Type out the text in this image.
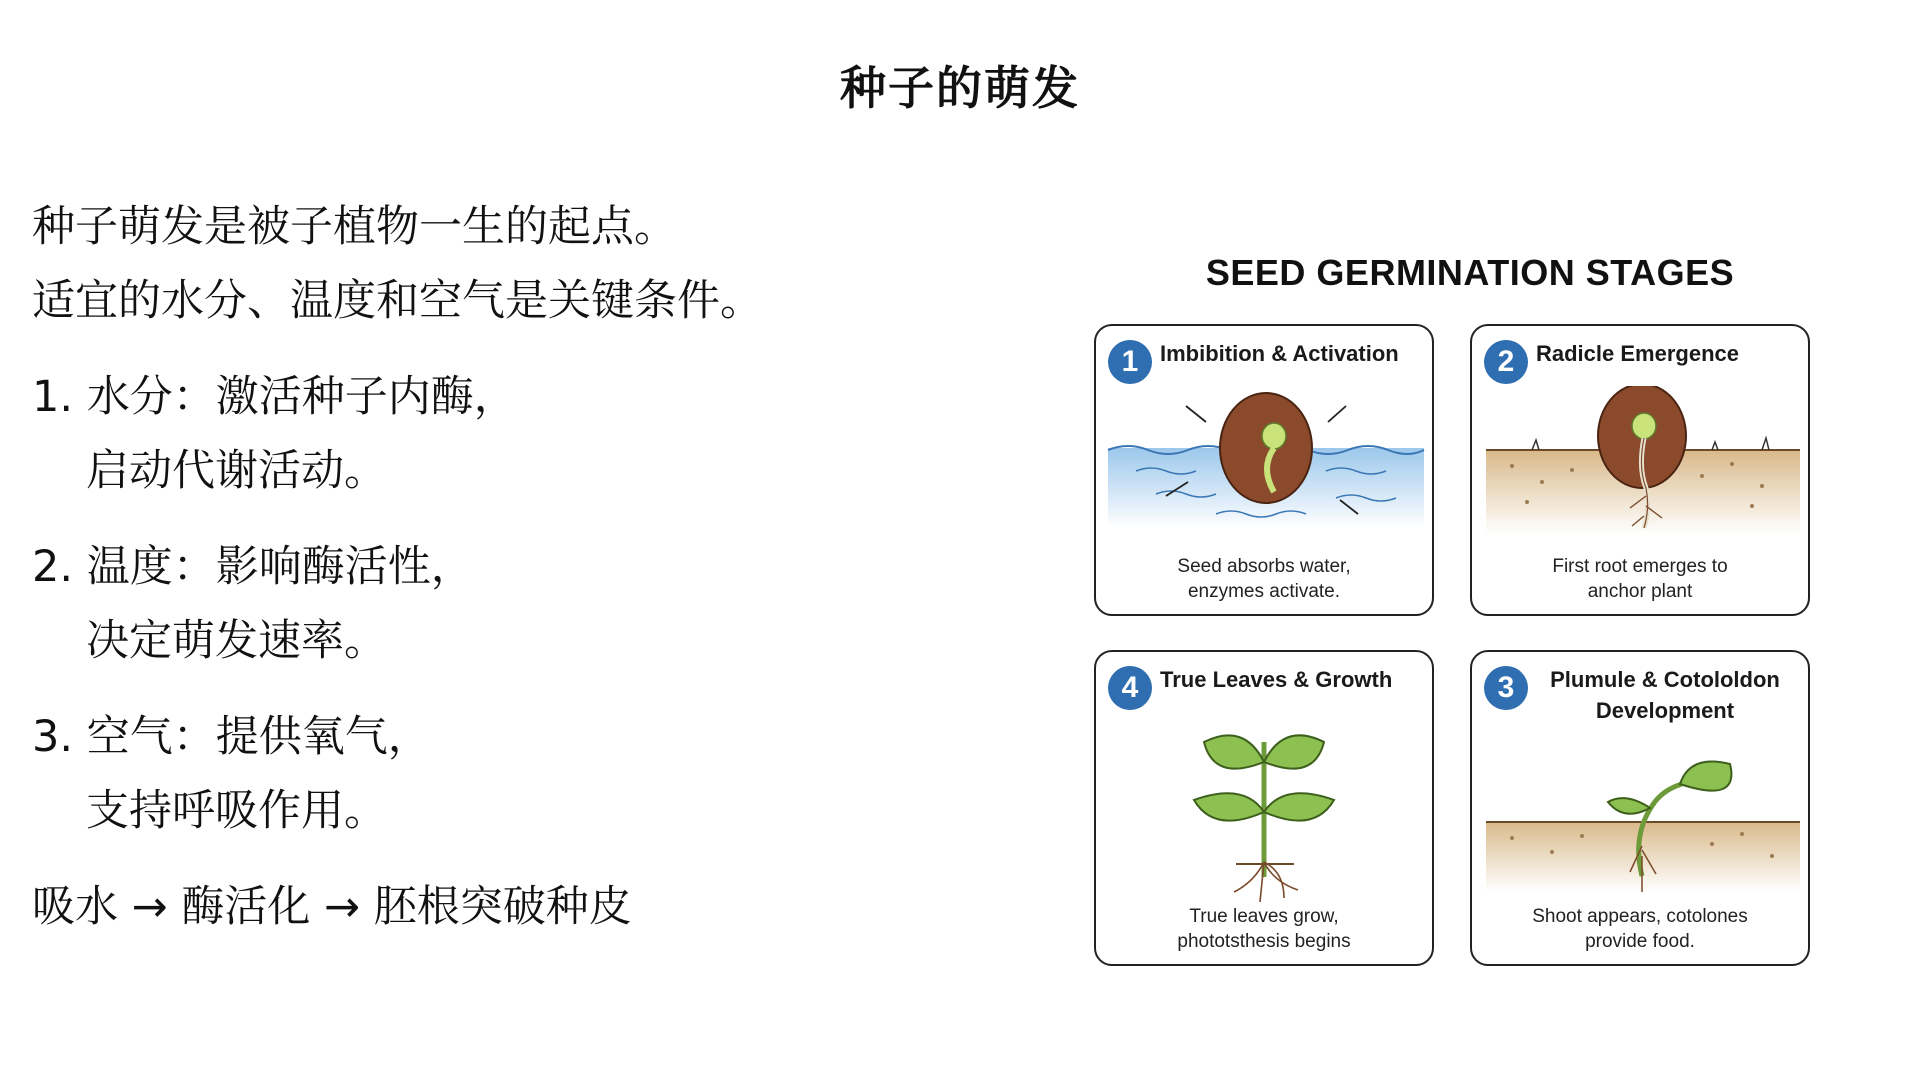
种子的萌发
种子萌发是被子植物一生的起点。
适宜的水分、温度和空气是关键条件。
1. 水分：激活种子内酶，
启动代谢活动。
2. 温度：影响酶活性，
决定萌发速率。
3. 空气：提供氧气，
支持呼吸作用。
吸水 → 酶活化 → 胚根突破种皮
SEED GERMINATION STAGES
1 Imbibition & Activation
Seed absorbs water,
enzymes activate.
2 Radicle Emergence
First root emerges to
anchor plant
4 True Leaves & Growth
True leaves grow,
phototsthesis begins
3	Plumule & Cotololdon
Development
Shoot appears, cotolones
provide food.
